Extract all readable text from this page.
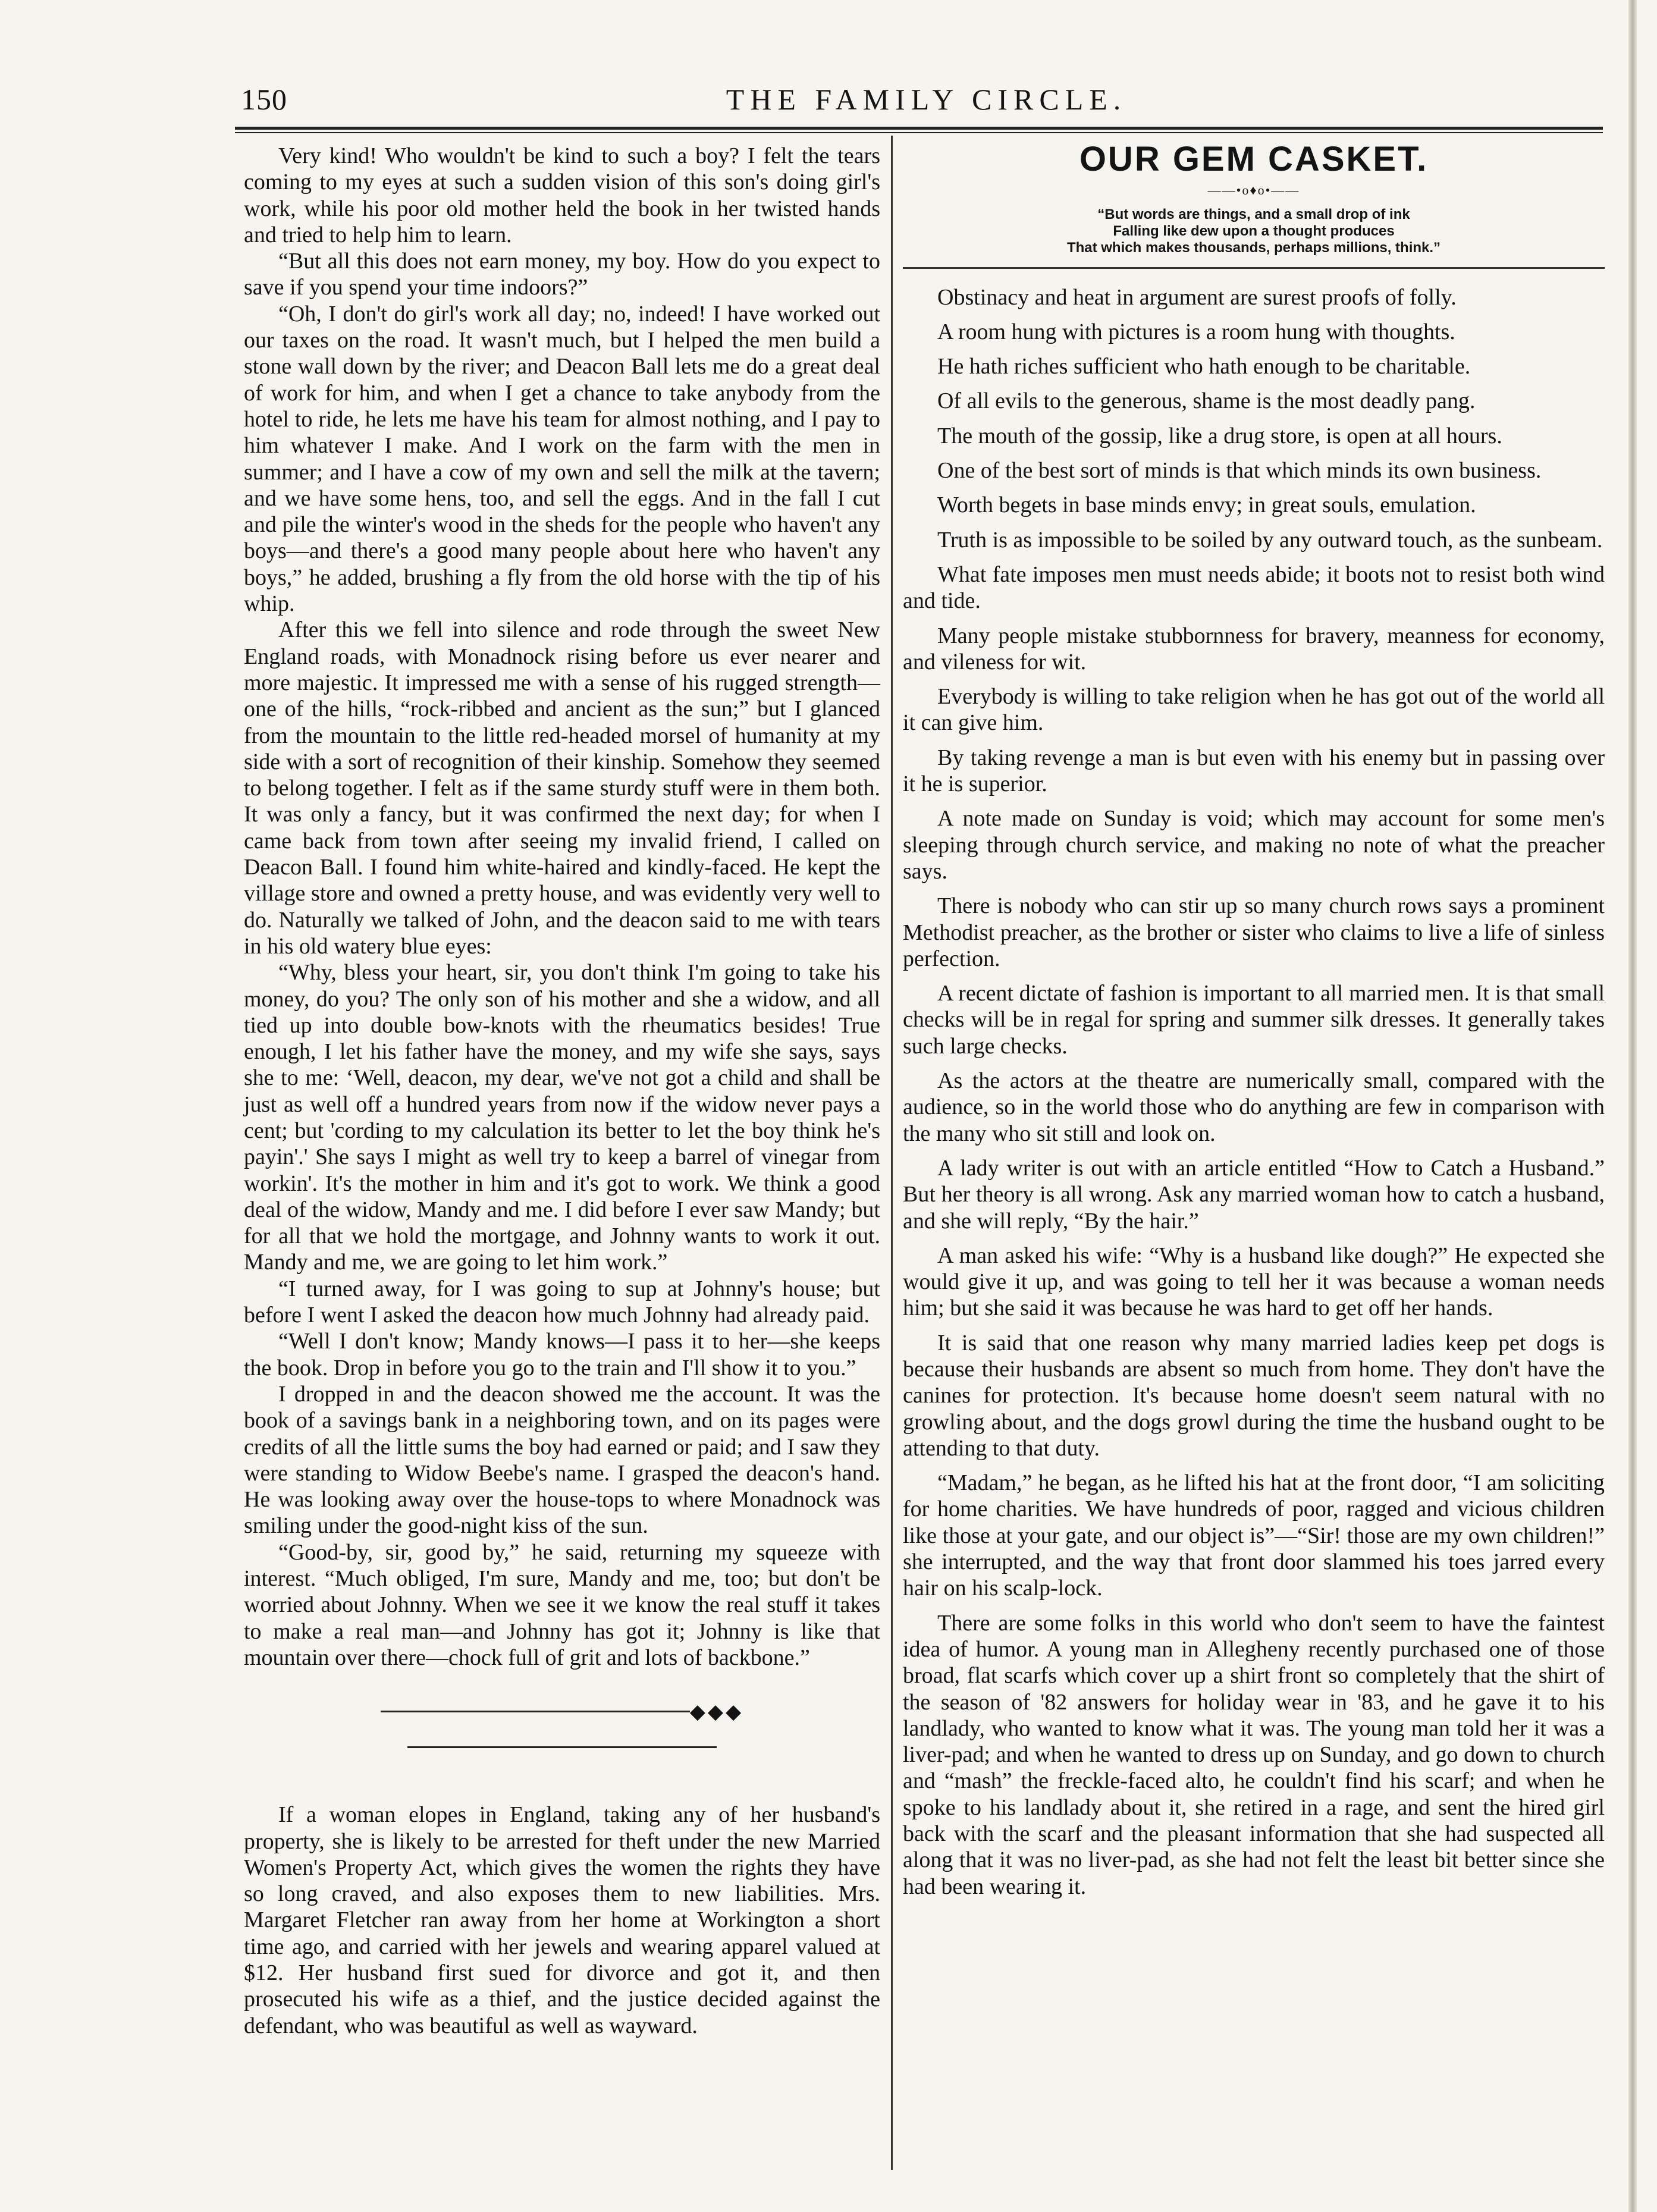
150	THE FAMILY CIRCLE.

Very kind! Who wouldn't be kind to such a boy? I felt the tears coming to my eyes at such a sudden vision of this son's doing girl's work, while his poor old mother held the book in her twisted hands and tried to help him to learn.

“But all this does not earn money, my boy. How do you expect to save if you spend your time indoors?”

“Oh, I don't do girl's work all day; no, indeed! I have worked out our taxes on the road. It wasn't much, but I helped the men build a stone wall down by the river; and Deacon Ball lets me do a great deal of work for him, and when I get a chance to take anybody from the hotel to ride, he lets me have his team for almost nothing, and I pay to him whatever I make. And I work on the farm with the men in summer; and I have a cow of my own and sell the milk at the tavern; and we have some hens, too, and sell the eggs. And in the fall I cut and pile the winter's wood in the sheds for the people who haven't any boys—and there's a good many people about here who haven't any boys,” he added, brushing a fly from the old horse with the tip of his whip.

After this we fell into silence and rode through the sweet New England roads, with Monadnock rising before us ever nearer and more majestic. It impressed me with a sense of his rugged strength—one of the hills, “rock-ribbed and ancient as the sun;” but I glanced from the mountain to the little red-headed morsel of humanity at my side with a sort of recognition of their kinship. Somehow they seemed to belong together. I felt as if the same sturdy stuff were in them both. It was only a fancy, but it was confirmed the next day; for when I came back from town after seeing my invalid friend, I called on Deacon Ball. I found him white-haired and kindly-faced. He kept the village store and owned a pretty house, and was evidently very well to do. Naturally we talked of John, and the deacon said to me with tears in his old watery blue eyes:

“Why, bless your heart, sir, you don't think I'm going to take his money, do you? The only son of his mother and she a widow, and all tied up into double bow-knots with the rheumatics besides! True enough, I let his father have the money, and my wife she says, says she to me: ‘Well, deacon, my dear, we've not got a child and shall be just as well off a hundred years from now if the widow never pays a cent; but 'cording to my calculation its better to let the boy think he's payin'.' She says I might as well try to keep a barrel of vinegar from workin'. It's the mother in him and it's got to work. We think a good deal of the widow, Mandy and me. I did before I ever saw Mandy; but for all that we hold the mortgage, and Johnny wants to work it out. Mandy and me, we are going to let him work.”

“I turned away, for I was going to sup at Johnny's house; but before I went I asked the deacon how much Johnny had already paid.

“Well I don't know; Mandy knows—I pass it to her—she keeps the book. Drop in before you go to the train and I'll show it to you.”

I dropped in and the deacon showed me the account. It was the book of a savings bank in a neighboring town, and on its pages were credits of all the little sums the boy had earned or paid; and I saw they were standing to Widow Beebe's name. I grasped the deacon's hand. He was looking away over the house-tops to where Monadnock was smiling under the good-night kiss of the sun.

“Good-by, sir, good by,” he said, returning my squeeze with interest. “Much obliged, I'm sure, Mandy and me, too; but don't be worried about Johnny. When we see it we know the real stuff it takes to make a real man—and Johnny has got it; Johnny is like that mountain over there—chock full of grit and lots of backbone.”

◆◆◆

If a woman elopes in England, taking any of her husband's property, she is likely to be arrested for theft under the new Married Women's Property Act, which gives the women the rights they have so long craved, and also exposes them to new liabilities. Mrs. Margaret Fletcher ran away from her home at Workington a short time ago, and carried with her jewels and wearing apparel valued at $12. Her husband first sued for divorce and got it, and then prosecuted his wife as a thief, and the justice decided against the defendant, who was beautiful as well as wayward.

OUR GEM CASKET.
——•o♦o•——
“But words are things, and a small drop of ink
Falling like dew upon a thought produces
That which makes thousands, perhaps millions, think.”

Obstinacy and heat in argument are surest proofs of folly.

A room hung with pictures is a room hung with thoughts.

He hath riches sufficient who hath enough to be charitable.

Of all evils to the generous, shame is the most deadly pang.

The mouth of the gossip, like a drug store, is open at all hours.

One of the best sort of minds is that which minds its own business.

Worth begets in base minds envy; in great souls, emulation.

Truth is as impossible to be soiled by any outward touch, as the sunbeam.

What fate imposes men must needs abide; it boots not to resist both wind and tide.

Many people mistake stubbornness for bravery, meanness for economy, and vileness for wit.

Everybody is willing to take religion when he has got out of the world all it can give him.

By taking revenge a man is but even with his enemy but in passing over it he is superior.

A note made on Sunday is void; which may account for some men's sleeping through church service, and making no note of what the preacher says.

There is nobody who can stir up so many church rows says a prominent Methodist preacher, as the brother or sister who claims to live a life of sinless perfection.

A recent dictate of fashion is important to all married men. It is that small checks will be in regal for spring and summer silk dresses. It generally takes such large checks.

As the actors at the theatre are numerically small, compared with the audience, so in the world those who do anything are few in comparison with the many who sit still and look on.

A lady writer is out with an article entitled “How to Catch a Husband.” But her theory is all wrong. Ask any married woman how to catch a husband, and she will reply, “By the hair.”

A man asked his wife: “Why is a husband like dough?” He expected she would give it up, and was going to tell her it was because a woman needs him; but she said it was because he was hard to get off her hands.

It is said that one reason why many married ladies keep pet dogs is because their husbands are absent so much from home. They don't have the canines for protection. It's because home doesn't seem natural with no growling about, and the dogs growl during the time the husband ought to be attending to that duty.

“Madam,” he began, as he lifted his hat at the front door, “I am soliciting for home charities. We have hundreds of poor, ragged and vicious children like those at your gate, and our object is”—“Sir! those are my own children!” she interrupted, and the way that front door slammed his toes jarred every hair on his scalp-lock.

There are some folks in this world who don't seem to have the faintest idea of humor. A young man in Allegheny recently purchased one of those broad, flat scarfs which cover up a shirt front so completely that the shirt of the season of '82 answers for holiday wear in '83, and he gave it to his landlady, who wanted to know what it was. The young man told her it was a liver-pad; and when he wanted to dress up on Sunday, and go down to church and “mash” the freckle-faced alto, he couldn't find his scarf; and when he spoke to his landlady about it, she retired in a rage, and sent the hired girl back with the scarf and the pleasant information that she had suspected all along that it was no liver-pad, as she had not felt the least bit better since she had been wearing it.
